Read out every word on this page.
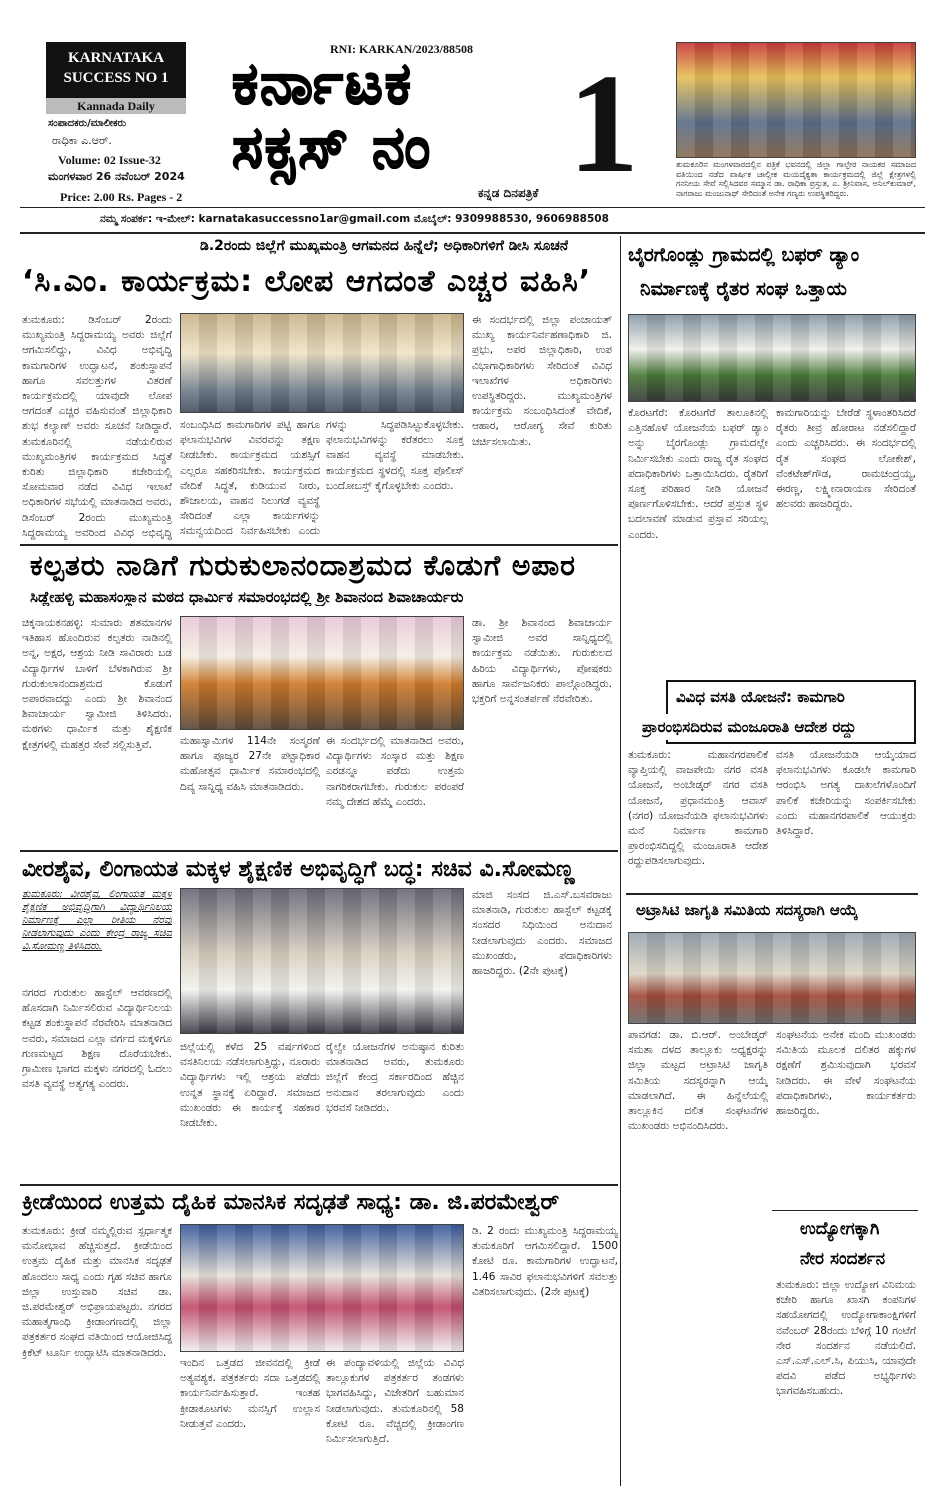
KARNATAKA
SUCCESS NO 1
Kannada Daily
ಸಂಪಾದಕರು/ಮಾಲೀಕರು
ರಾಧಿಕಾ ಎ.ಆರ್.
Volume: 02 Issue-32
ಮಂಗಳವಾರ 26 ನವೆಂಬರ್ 2024
Price: 2.00 Rs. Pages - 2
RNI: KARKAN/2023/88508
ಕರ್ನಾಟಕ
ಸಕ್ಸಸ್ ನಂ 1
ಕನ್ನಡ ದಿನಪತ್ರಿಕೆ
ತುಮಕೂರಿನ ಮಂಗಳವಾರದಲ್ಲಿನ ಪತ್ರಿಕೆ ಭವನದಲ್ಲಿ ಜಿಲ್ಲಾ ಗಾಲ್ಫೇರ ನಾಯಕರ ಸಮಾಜದ ವತಿಯಿಂದ ನಡೆದ ವಾರ್ಷಿಕ ಜಾಲ್ಲೀಕ ಮಯದೈಕ್ಯತಾ ಕಾರ್ಯಕ್ರಮದಲ್ಲಿ ಜಿಲ್ಲೆ ಕ್ಷೇತ್ರಗಳಲ್ಲಿ ಗನನೀಯ ಸೇವೆ ಸಲ್ಲಿಸಿದವರ ಸಮ್ಮಾನ ಡಾ. ರಾಧಿಕಾ ಪ್ರಸ್ತುತ, ಎ. ಶ್ರೀನಿವಾಸ, ಅನಿಲ್‌ಕುಮಾರ್, ನಾಗರಾಜು ಮಂಜುನಾಥ್ ಸೇರಿದಂತೆ ಅನೇಕ ಗಣ್ಯರು ಉಪಸ್ಥಿತರಿದ್ದರು.
ನಮ್ಮ ಸಂಪರ್ಕ: ಇ-ಮೇಲ್: karnatakasuccessno1ar@gmail.com ಮೊಬೈಲ್: 9309988530, 9606988508
ಡಿ.2ರಂದು ಜಿಲ್ಲೆಗೆ ಮುಖ್ಯಮಂತ್ರಿ ಆಗಮನದ ಹಿನ್ನೆಲೆ; ಅಧಿಕಾರಿಗಳಿಗೆ ಡೀಸಿ ಸೂಚನೆ
‘ಸಿ.ಎಂ. ಕಾರ್ಯಕ್ರಮ: ಲೋಪ ಆಗದಂತೆ ಎಚ್ಚರ ವಹಿಸಿ’
ತುಮಕೂರು: ಡಿಸೆಂಬರ್ 2ರಂದು ಮುಖ್ಯಮಂತ್ರಿ ಸಿದ್ದರಾಮಯ್ಯ ಅವರು ಜಿಲ್ಲೆಗೆ ಆಗಮಿಸಲಿದ್ದು, ವಿವಿಧ ಅಭಿವೃದ್ಧಿ ಕಾಮಗಾರಿಗಳ ಉದ್ಘಾಟನೆ, ಶಂಕುಸ್ಥಾಪನೆ ಹಾಗೂ ಸವಲತ್ತುಗಳ ವಿತರಣೆ ಕಾರ್ಯಕ್ರಮದಲ್ಲಿ ಯಾವುದೇ ಲೋಪ ಆಗದಂತೆ ಎಚ್ಚರ ವಹಿಸುವಂತೆ ಜಿಲ್ಲಾಧಿಕಾರಿ ಶುಭ ಕಲ್ಯಾಣ್ ಅವರು ಸೂಚನೆ ನೀಡಿದ್ದಾರೆ. ತುಮಕೂರಿನಲ್ಲಿ ನಡೆಯಲಿರುವ ಮುಖ್ಯಮಂತ್ರಿಗಳ ಕಾರ್ಯಕ್ರಮದ ಸಿದ್ಧತೆ ಕುರಿತು ಜಿಲ್ಲಾಧಿಕಾರಿ ಕಚೇರಿಯಲ್ಲಿ ಸೋಮವಾರ ನಡೆದ ವಿವಿಧ ಇಲಾಖೆ ಅಧಿಕಾರಿಗಳ ಸಭೆಯಲ್ಲಿ ಮಾತನಾಡಿದ ಅವರು, ಡಿಸೆಂಬರ್ 2ರಂದು ಮುಖ್ಯಮಂತ್ರಿ ಸಿದ್ದರಾಮಯ್ಯ ಅವರಿಂದ ವಿವಿಧ ಅಭಿವೃದ್ಧಿ
ಸಂಬಂಧಿಸಿದ ಕಾಮಗಾರಿಗಳ ಪಟ್ಟಿ ಹಾಗೂ ಫಲಾನುಭವಿಗಳ ವಿವರವನ್ನು ತಕ್ಷಣ ನೀಡಬೇಕು. ಕಾರ್ಯಕ್ರಮದ ಯಶಸ್ಸಿಗೆ ಎಲ್ಲರೂ ಸಹಕರಿಸಬೇಕು. ಕಾರ್ಯಕ್ರಮದ ವೇದಿಕೆ ಸಿದ್ಧತೆ, ಕುಡಿಯುವ ನೀರು, ಶೌಚಾಲಯ, ವಾಹನ ನಿಲುಗಡೆ ವ್ಯವಸ್ಥೆ ಸೇರಿದಂತೆ ಎಲ್ಲಾ ಕಾರ್ಯಗಳನ್ನು ಸಮನ್ವಯದಿಂದ ನಿರ್ವಹಿಸಬೇಕು ಎಂದು
ಗಳನ್ನು ಸಿದ್ಧಪಡಿಸಿಟ್ಟುಕೊಳ್ಳಬೇಕು. ಫಲಾನುಭವಿಗಳನ್ನು ಕರೆತರಲು ಸೂಕ್ತ ವಾಹನ ವ್ಯವಸ್ಥೆ ಮಾಡಬೇಕು. ಕಾರ್ಯಕ್ರಮದ ಸ್ಥಳದಲ್ಲಿ ಸೂಕ್ತ ಪೊಲೀಸ್ ಬಂದೋಬಸ್ತ್ ಕೈಗೊಳ್ಳಬೇಕು ಎಂದರು.
ಈ ಸಂದರ್ಭದಲ್ಲಿ ಜಿಲ್ಲಾ ಪಂಚಾಯತ್ ಮುಖ್ಯ ಕಾರ್ಯನಿರ್ವಹಣಾಧಿಕಾರಿ ಜಿ. ಪ್ರಭು, ಅಪರ ಜಿಲ್ಲಾಧಿಕಾರಿ, ಉಪ ವಿಭಾಗಾಧಿಕಾರಿಗಳು ಸೇರಿದಂತೆ ವಿವಿಧ ಇಲಾಖೆಗಳ ಅಧಿಕಾರಿಗಳು ಉಪಸ್ಥಿತರಿದ್ದರು. ಮುಖ್ಯಮಂತ್ರಿಗಳ ಕಾರ್ಯಕ್ರಮ ಸಂಬಂಧಿಸಿದಂತೆ ವೇದಿಕೆ, ಆಹಾರ, ಆರೋಗ್ಯ ಸೇವೆ ಕುರಿತು ಚರ್ಚಿಸಲಾಯಿತು.
ಕಲ್ಪತರು ನಾಡಿಗೆ ಗುರುಕುಲಾನಂದಾಶ್ರಮದ ಕೊಡುಗೆ ಅಪಾರ
ಸಿಡ್ಲೇಹಳ್ಳಿ ಮಹಾಸಂಸ್ಥಾನ ಮಠದ ಧಾರ್ಮಿಕ ಸಮಾರಂಭದಲ್ಲಿ ಶ್ರೀ ಶಿವಾನಂದ ಶಿವಾಚಾರ್ಯರು
ಚಿಕ್ಕನಾಯಕನಹಳ್ಳಿ: ಸುಮಾರು ಶತಮಾನಗಳ ಇತಿಹಾಸ ಹೊಂದಿರುವ ಕಲ್ಪತರು ನಾಡಿನಲ್ಲಿ ಅನ್ನ, ಅಕ್ಷರ, ಆಶ್ರಯ ನೀಡಿ ಸಾವಿರಾರು ಬಡ ವಿದ್ಯಾರ್ಥಿಗಳ ಬಾಳಿಗೆ ಬೆಳಕಾಗಿರುವ ಶ್ರೀ ಗುರುಕುಲಾನಂದಾಶ್ರಮದ ಕೊಡುಗೆ ಅಪಾರವಾದದ್ದು ಎಂದು ಶ್ರೀ ಶಿವಾನಂದ ಶಿವಾಚಾರ್ಯ ಸ್ವಾಮೀಜಿ ತಿಳಿಸಿದರು. ಮಠಗಳು ಧಾರ್ಮಿಕ ಮತ್ತು ಶೈಕ್ಷಣಿಕ ಕ್ಷೇತ್ರಗಳಲ್ಲಿ ಮಹತ್ತರ ಸೇವೆ ಸಲ್ಲಿಸುತ್ತಿವೆ.	ಮಹಾಸ್ವಾಮಿಗಳ 114ನೇ ಸಂಸ್ಮರಣೆ ಹಾಗೂ ಪೂಜ್ಯರ 27ನೇ ಪಟ್ಟಾಧಿಕಾರ ಮಹೋತ್ಸವ ಧಾರ್ಮಿಕ ಸಮಾರಂಭದಲ್ಲಿ ದಿವ್ಯ ಸಾನ್ನಿಧ್ಯ ವಹಿಸಿ ಮಾತನಾಡಿದರು.
ಈ ಸಂದರ್ಭದಲ್ಲಿ ಮಾತನಾಡಿದ ಅವರು, ವಿದ್ಯಾರ್ಥಿಗಳು ಸಂಸ್ಕಾರ ಮತ್ತು ಶಿಕ್ಷಣ ಎರಡನ್ನೂ ಪಡೆದು ಉತ್ತಮ ನಾಗರಿಕರಾಗಬೇಕು. ಗುರುಕುಲ ಪರಂಪರೆ ನಮ್ಮ ದೇಶದ ಹೆಮ್ಮೆ ಎಂದರು.
ಡಾ. ಶ್ರೀ ಶಿವಾನಂದ ಶಿವಾಚಾರ್ಯ ಸ್ವಾಮೀಜಿ ಅವರ ಸಾನ್ನಿಧ್ಯದಲ್ಲಿ ಕಾರ್ಯಕ್ರಮ ನಡೆಯಿತು. ಗುರುಕುಲದ ಹಿರಿಯ ವಿದ್ಯಾರ್ಥಿಗಳು, ಪೋಷಕರು ಹಾಗೂ ಸಾರ್ವಜನಿಕರು ಪಾಲ್ಗೊಂಡಿದ್ದರು. ಭಕ್ತರಿಗೆ ಅನ್ನಸಂತರ್ಪಣೆ ನೆರವೇರಿತು.
ವೀರಶೈವ, ಲಿಂಗಾಯತ ಮಕ್ಕಳ ಶೈಕ್ಷಣಿಕ ಅಭಿವೃದ್ಧಿಗೆ ಬದ್ಧ: ಸಚಿವ ವಿ.ಸೋಮಣ್ಣ
ತುಮಕೂರು: ವೀರಶೈವ, ಲಿಂಗಾಯತ ಮಕ್ಕಳ ಶೈಕ್ಷಣಿಕ ಅಭಿವೃದ್ಧಿಗಾಗಿ ವಿದ್ಯಾರ್ಥಿನಿಲಯ ನಿರ್ಮಾಣಕ್ಕೆ ಎಲ್ಲಾ ರೀತಿಯ ನೆರವು ನೀಡಲಾಗುವುದು ಎಂದು ಕೇಂದ್ರ ರಾಜ್ಯ ಸಚಿವ ವಿ.ಸೋಮಣ್ಣ ತಿಳಿಸಿದರು.
ನಗರದ ಗುರುಕುಲ ಹಾಸ್ಟೆಲ್ ಆವರಣದಲ್ಲಿ ಹೊಸದಾಗಿ ನಿರ್ಮಿಸಲಿರುವ ವಿದ್ಯಾರ್ಥಿನಿಲಯ ಕಟ್ಟಡ ಶಂಕುಸ್ಥಾಪನೆ ನೆರವೇರಿಸಿ ಮಾತನಾಡಿದ ಅವರು, ಸಮಾಜದ ಎಲ್ಲಾ ವರ್ಗದ ಮಕ್ಕಳಿಗೂ ಗುಣಮಟ್ಟದ ಶಿಕ್ಷಣ ದೊರೆಯಬೇಕು. ಗ್ರಾಮೀಣ ಭಾಗದ ಮಕ್ಕಳು ನಗರದಲ್ಲಿ ಓದಲು ವಸತಿ ವ್ಯವಸ್ಥೆ ಅತ್ಯಗತ್ಯ ಎಂದರು.
ಜಿಲ್ಲೆಯಲ್ಲಿ ಕಳೆದ 25 ವರ್ಷಗಳಿಂದ ವಸತಿನಿಲಯ ನಡೆಸಲಾಗುತ್ತಿದ್ದು, ನೂರಾರು ವಿದ್ಯಾರ್ಥಿಗಳು ಇಲ್ಲಿ ಆಶ್ರಯ ಪಡೆದು ಉನ್ನತ ಸ್ಥಾನಕ್ಕೆ ಏರಿದ್ದಾರೆ. ಸಮಾಜದ ಮುಖಂಡರು ಈ ಕಾರ್ಯಕ್ಕೆ ಸಹಕಾರ ನೀಡಬೇಕು.
ರೈಲ್ವೇ ಯೋಜನೆಗಳ ಅನುಷ್ಠಾನ ಕುರಿತು ಮಾತನಾಡಿದ ಅವರು, ತುಮಕೂರು ಜಿಲ್ಲೆಗೆ ಕೇಂದ್ರ ಸರ್ಕಾರದಿಂದ ಹೆಚ್ಚಿನ ಅನುದಾನ ತರಲಾಗುವುದು ಎಂದು ಭರವಸೆ ನೀಡಿದರು.
ಮಾಜಿ ಸಂಸದ ಜಿ.ಎಸ್.ಬಸವರಾಜು ಮಾತನಾಡಿ, ಗುರುಕುಲ ಹಾಸ್ಟೆಲ್ ಕಟ್ಟಡಕ್ಕೆ ಸಂಸದರ ನಿಧಿಯಿಂದ ಅನುದಾನ ನೀಡಲಾಗುವುದು ಎಂದರು. ಸಮಾಜದ ಮುಖಂಡರು, ಪದಾಧಿಕಾರಿಗಳು ಹಾಜರಿದ್ದರು. (2ನೇ ಪುಟಕ್ಕೆ)
ಕ್ರೀಡೆಯಿಂದ ಉತ್ತಮ ದೈಹಿಕ ಮಾನಸಿಕ ಸದೃಢತೆ ಸಾಧ್ಯ: ಡಾ. ಜಿ.ಪರಮೇಶ್ವರ್
ತುಮಕೂರು: ಕ್ರೀಡೆ ನಮ್ಮಲ್ಲಿರುವ ಸ್ಪರ್ಧಾತ್ಮಕ ಮನೋಭಾವ ಹೆಚ್ಚಿಸುತ್ತದೆ. ಕ್ರೀಡೆಯಿಂದ ಉತ್ತಮ ದೈಹಿಕ ಮತ್ತು ಮಾನಸಿಕ ಸದೃಢತೆ ಹೊಂದಲು ಸಾಧ್ಯ ಎಂದು ಗೃಹ ಸಚಿವ ಹಾಗೂ ಜಿಲ್ಲಾ ಉಸ್ತುವಾರಿ ಸಚಿವ ಡಾ. ಜಿ.ಪರಮೇಶ್ವರ್ ಅಭಿಪ್ರಾಯಪಟ್ಟರು. ನಗರದ ಮಹಾತ್ಮಗಾಂಧಿ ಕ್ರೀಡಾಂಗಣದಲ್ಲಿ ಜಿಲ್ಲಾ ಪತ್ರಕರ್ತರ ಸಂಘದ ವತಿಯಿಂದ ಆಯೋಜಿಸಿದ್ದ ಕ್ರಿಕೆಟ್ ಟೂರ್ನಿ ಉದ್ಘಾಟಿಸಿ ಮಾತನಾಡಿದರು.
ಇಂದಿನ ಒತ್ತಡದ ಜೀವನದಲ್ಲಿ ಕ್ರೀಡೆ ಅತ್ಯವಶ್ಯಕ. ಪತ್ರಕರ್ತರು ಸದಾ ಒತ್ತಡದಲ್ಲಿ ಕಾರ್ಯನಿರ್ವಹಿಸುತ್ತಾರೆ. ಇಂತಹ ಕ್ರೀಡಾಕೂಟಗಳು ಮನಸ್ಸಿಗೆ ಉಲ್ಲಾಸ ನೀಡುತ್ತವೆ ಎಂದರು.
ಈ ಪಂದ್ಯಾವಳಿಯಲ್ಲಿ ಜಿಲ್ಲೆಯ ವಿವಿಧ ತಾಲ್ಲೂಕುಗಳ ಪತ್ರಕರ್ತರ ತಂಡಗಳು ಭಾಗವಹಿಸಿದ್ದು, ವಿಜೇತರಿಗೆ ಬಹುಮಾನ ನೀಡಲಾಗುವುದು. ತುಮಕೂರಿನಲ್ಲಿ 58 ಕೋಟಿ ರೂ. ವೆಚ್ಚದಲ್ಲಿ ಕ್ರೀಡಾಂಗಣ ನಿರ್ಮಿಸಲಾಗುತ್ತಿದೆ.
ಡಿ. 2 ರಂದು ಮುಖ್ಯಮಂತ್ರಿ ಸಿದ್ದರಾಮಯ್ಯ ತುಮಕೂರಿಗೆ ಆಗಮಿಸಲಿದ್ದಾರೆ. 1500 ಕೋಟಿ ರೂ. ಕಾಮಗಾರಿಗಳ ಉದ್ಘಾಟನೆ, 1.46 ಸಾವಿರ ಫಲಾನುಭವಿಗಳಿಗೆ ಸವಲತ್ತು ವಿತರಿಸಲಾಗುವುದು. (2ನೇ ಪುಟಕ್ಕೆ)
ಬೈರಗೊಂಡ್ಲು ಗ್ರಾಮದಲ್ಲಿ ಬಫರ್ ಡ್ಯಾಂ
ನಿರ್ಮಾಣಕ್ಕೆ ರೈತರ ಸಂಘ ಒತ್ತಾಯ
ಕೊರಟಗೆರೆ: ಕೊರಟಗೆರೆ ತಾಲೂಕಿನಲ್ಲಿ ಎತ್ತಿನಹೊಳೆ ಯೋಜನೆಯ ಬಫರ್ ಡ್ಯಾಂ ಅನ್ನು ಬೈರಗೊಂಡ್ಲು ಗ್ರಾಮದಲ್ಲೇ ನಿರ್ಮಿಸಬೇಕು ಎಂದು ರಾಜ್ಯ ರೈತ ಸಂಘದ ಪದಾಧಿಕಾರಿಗಳು ಒತ್ತಾಯಿಸಿದರು. ರೈತರಿಗೆ ಸೂಕ್ತ ಪರಿಹಾರ ನೀಡಿ ಯೋಜನೆ ಪೂರ್ಣಗೊಳಿಸಬೇಕು. ಆದರೆ ಪ್ರಸ್ತುತ ಸ್ಥಳ ಬದಲಾವಣೆ ಮಾಡುವ ಪ್ರಸ್ತಾವ ಸರಿಯಲ್ಲ ಎಂದರು.
ಕಾಮಗಾರಿಯನ್ನು ಬೇರೆಡೆ ಸ್ಥಳಾಂತರಿಸಿದರೆ ರೈತರು ತೀವ್ರ ಹೋರಾಟ ನಡೆಸಲಿದ್ದಾರೆ ಎಂದು ಎಚ್ಚರಿಸಿದರು. ಈ ಸಂದರ್ಭದಲ್ಲಿ ರೈತ ಸಂಘದ ಲೋಕೇಶ್, ವೆಂಕಟೇಶ್‌ಗೌಡ, ರಾಮಚಂದ್ರಯ್ಯ, ಈರಣ್ಣ, ಲಕ್ಷ್ಮೀನಾರಾಯಣ ಸೇರಿದಂತೆ ಹಲವರು ಹಾಜರಿದ್ದರು.
ವಿವಿಧ ವಸತಿ ಯೋಜನೆ: ಕಾಮಗಾರಿ
ಪ್ರಾರಂಭಿಸದಿರುವ ಮಂಜೂರಾತಿ ಆದೇಶ ರದ್ದು
ತುಮಕೂರು: ಮಹಾನಗರಪಾಲಿಕೆ ವ್ಯಾಪ್ತಿಯಲ್ಲಿ ವಾಜಪೇಯಿ ನಗರ ವಸತಿ ಯೋಜನೆ, ಅಂಬೇಡ್ಕರ್ ನಗರ ವಸತಿ ಯೋಜನೆ, ಪ್ರಧಾನಮಂತ್ರಿ ಆವಾಸ್ (ನಗರ) ಯೋಜನೆಯಡಿ ಫಲಾನುಭವಿಗಳು ಮನೆ ನಿರ್ಮಾಣ ಕಾಮಗಾರಿ ಪ್ರಾರಂಭಿಸದಿದ್ದಲ್ಲಿ ಮಂಜೂರಾತಿ ಆದೇಶ ರದ್ದುಪಡಿಸಲಾಗುವುದು.
ವಸತಿ ಯೋಜನೆಯಡಿ ಆಯ್ಕೆಯಾದ ಫಲಾನುಭವಿಗಳು ಕೂಡಲೇ ಕಾಮಗಾರಿ ಆರಂಭಿಸಿ ಅಗತ್ಯ ದಾಖಲೆಗಳೊಂದಿಗೆ ಪಾಲಿಕೆ ಕಚೇರಿಯನ್ನು ಸಂಪರ್ಕಿಸಬೇಕು ಎಂದು ಮಹಾನಗರಪಾಲಿಕೆ ಆಯುಕ್ತರು ತಿಳಿಸಿದ್ದಾರೆ.
ಅಟ್ರಾಸಿಟಿ ಜಾಗೃತಿ ಸಮಿತಿಯ ಸದಸ್ಯರಾಗಿ ಆಯ್ಕೆ
ಪಾವಗಡ: ಡಾ. ಬಿ.ಆರ್. ಅಂಬೇಡ್ಕರ್ ಸಮತಾ ದಳದ ತಾಲ್ಲೂಕು ಅಧ್ಯಕ್ಷರನ್ನು ಜಿಲ್ಲಾ ಮಟ್ಟದ ಅಟ್ರಾಸಿಟಿ ಜಾಗೃತಿ ಸಮಿತಿಯ ಸದಸ್ಯರನ್ನಾಗಿ ಆಯ್ಕೆ ಮಾಡಲಾಗಿದೆ. ಈ ಹಿನ್ನೆಲೆಯಲ್ಲಿ ತಾಲ್ಲೂಕಿನ ದಲಿತ ಸಂಘಟನೆಗಳ ಮುಖಂಡರು ಅಭಿನಂದಿಸಿದರು.
ಸಂಘಟನೆಯ ಅನೇಕ ಮಂದಿ ಮುಖಂಡರು ಸಮಿತಿಯ ಮೂಲಕ ದಲಿತರ ಹಕ್ಕುಗಳ ರಕ್ಷಣೆಗೆ ಶ್ರಮಿಸುವುದಾಗಿ ಭರವಸೆ ನೀಡಿದರು. ಈ ವೇಳೆ ಸಂಘಟನೆಯ ಪದಾಧಿಕಾರಿಗಳು, ಕಾರ್ಯಕರ್ತರು ಹಾಜರಿದ್ದರು.
ಉದ್ಯೋಗಕ್ಕಾಗಿ
ನೇರ ಸಂದರ್ಶನ
ತುಮಕೂರು: ಜಿಲ್ಲಾ ಉದ್ಯೋಗ ವಿನಿಮಯ ಕಚೇರಿ ಹಾಗೂ ಖಾಸಗಿ ಕಂಪನಿಗಳ ಸಹಯೋಗದಲ್ಲಿ ಉದ್ಯೋಗಾಕಾಂಕ್ಷಿಗಳಿಗೆ ನವೆಂಬರ್ 28ರಂದು ಬೆಳಿಗ್ಗೆ 10 ಗಂಟೆಗೆ ನೇರ ಸಂದರ್ಶನ ನಡೆಯಲಿದೆ. ಎಸ್.ಎಸ್.ಎಲ್.ಸಿ, ಪಿಯುಸಿ, ಯಾವುದೇ ಪದವಿ ಪಡೆದ ಅಭ್ಯರ್ಥಿಗಳು ಭಾಗವಹಿಸಬಹುದು.
